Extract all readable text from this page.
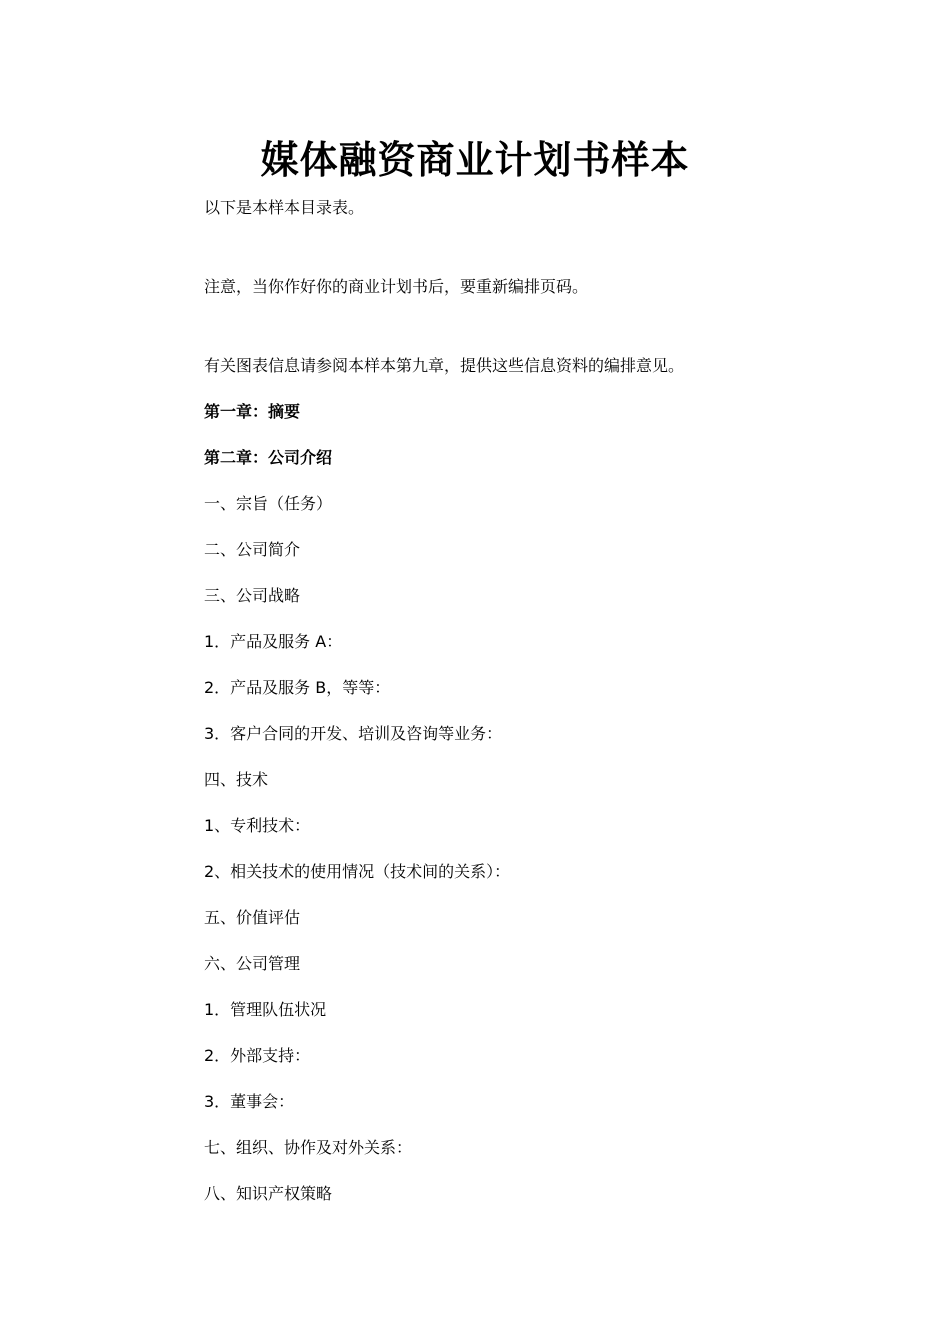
媒体融资商业计划书样本
以下是本样本目录表。
注意，当你作好你的商业计划书后，要重新编排页码。
有关图表信息请参阅本样本第九章，提供这些信息资料的编排意见。
第一章：摘要
第二章：公司介绍
一、宗旨（任务）
二、公司简介
三、公司战略
1．产品及服务 A：
2．产品及服务 B，等等：
3．客户合同的开发、培训及咨询等业务：
四、技术
1、专利技术：
2、相关技术的使用情况（技术间的关系）：
五、价值评估
六、公司管理
1．管理队伍状况
2．外部支持：
3．董事会：
七、组织、协作及对外关系：
八、知识产权策略
